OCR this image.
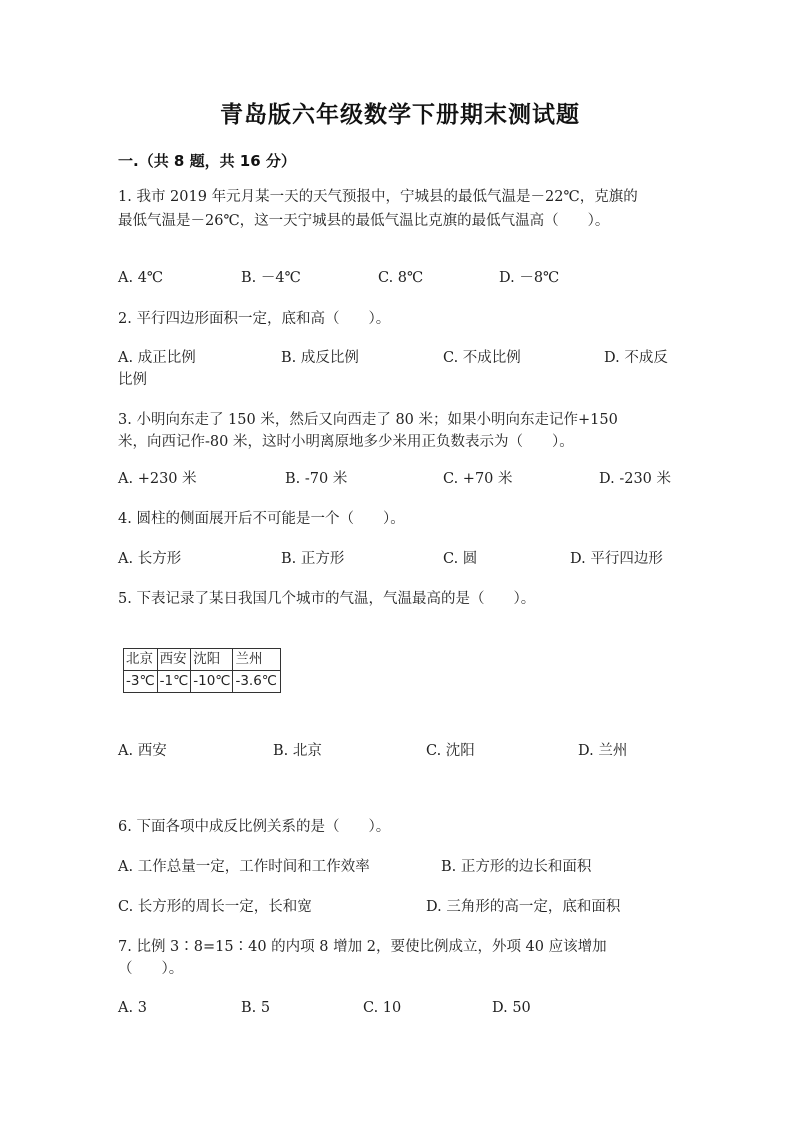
青岛版六年级数学下册期末测试题
一.（共 8 题，共 16 分）
1. 我市 2019 年元月某一天的天气预报中，宁城县的最低气温是－22℃，克旗的
最低气温是－26℃，这一天宁城县的最低气温比克旗的最低气温高（　　）。
A. 4℃	B. －4℃	C. 8℃	D. －8℃
2. 平行四边形面积一定，底和高（　　）。
A. 成正比例	B. 成反比例	C. 不成比例	D. 不成反
比例
3. 小明向东走了 150 米，然后又向西走了 80 米；如果小明向东走记作+150
米，向西记作-80 米，这时小明离原地多少米用正负数表示为（　　）。
A. +230 米	B. -70 米	C. +70 米	D. -230 米
4. 圆柱的侧面展开后不可能是一个（　　）。
A. 长方形	B. 正方形	C. 圆	D. 平行四边形
5. 下表记录了某日我国几个城市的气温，气温最高的是（　　）。
北京	西安	沈阳	兰州
-3℃	-1℃	-10℃	-3.6℃
A. 西安	B. 北京	C. 沈阳	D. 兰州
6. 下面各项中成反比例关系的是（　　）。
A. 工作总量一定，工作时间和工作效率	B. 正方形的边长和面积
C. 长方形的周长一定，长和宽	D. 三角形的高一定，底和面积
7. 比例 3∶8=15∶40 的内项 8 增加 2，要使比例成立，外项 40 应该增加
（　　）。
A. 3	B. 5	C. 10	D. 50
